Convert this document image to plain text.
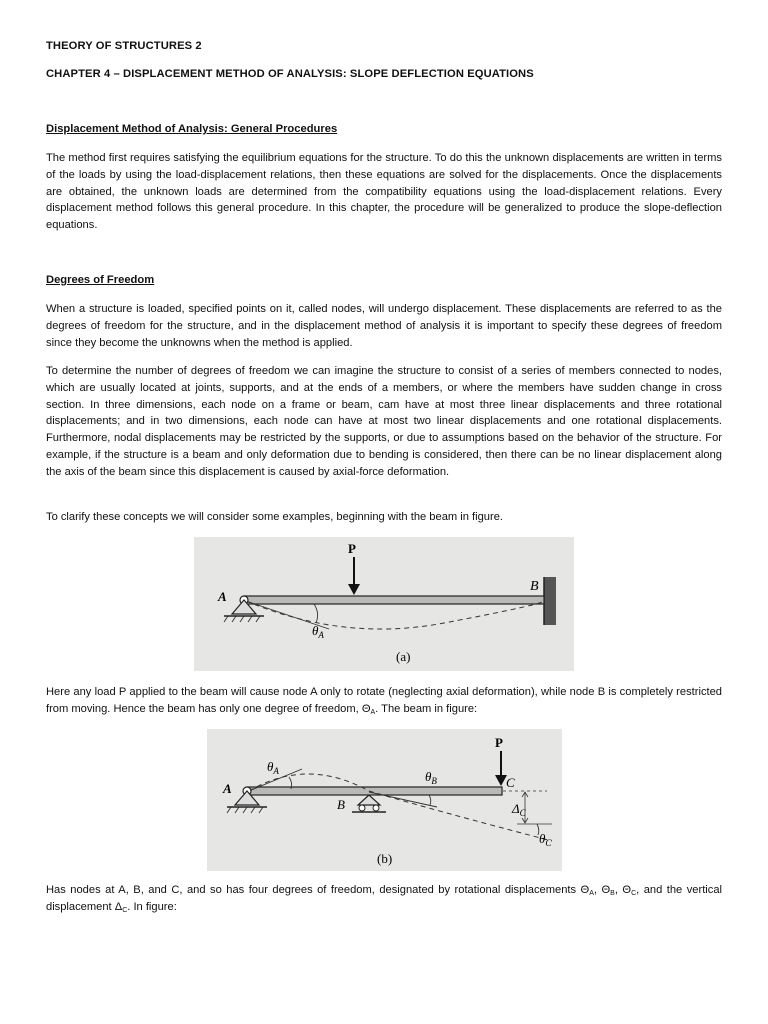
THEORY OF STRUCTURES 2

CHAPTER 4 – DISPLACEMENT METHOD OF ANALYSIS: SLOPE DEFLECTION EQUATIONS

Displacement Method of Analysis: General Procedures

The method first requires satisfying the equilibrium equations for the structure. To do this the unknown displacements are written in terms of the loads by using the load-displacement relations, then these equations are solved for the displacements. Once the displacements are obtained, the unknown loads are determined from the compatibility equations using the load-displacement relations. Every displacement method follows this general procedure. In this chapter, the procedure will be generalized to produce the slope-deflection equations.

Degrees of Freedom

When a structure is loaded, specified points on it, called nodes, will undergo displacement. These displacements are referred to as the degrees of freedom for the structure, and in the displacement method of analysis it is important to specify these degrees of freedom since they become the unknowns when the method is applied.

To determine the number of degrees of freedom we can imagine the structure to consist of a series of members connected to nodes, which are usually located at joints, supports, and at the ends of a members, or where the members have sudden change in cross section. In three dimensions, each node on a frame or beam, cam have at most three linear displacements and three rotational displacements; and in two dimensions, each node can have at most two linear displacements and one rotational displacements. Furthermore, nodal displacements may be restricted by the supports, or due to assumptions based on the behavior of the structure. For example, if the structure is a beam and only deformation due to bending is considered, then there can be no linear displacement along the axis of the beam since this displacement is caused by axial-force deformation.

To clarify these concepts we will consider some examples, beginning with the beam in figure.

P
A
B
$\theta_A$
(a)

Here any load P applied to the beam will cause node A only to rotate (neglecting axial deformation), while node B is completely restricted from moving. Hence the beam has only one degree of freedom, $\Theta_A$. The beam in figure:

P
A
B
C
$\theta_A$	$\theta_B$
$\Delta_C$
$\theta_C$
(b)

Has nodes at A, B, and C, and so has four degrees of freedom, designated by rotational displacements $\Theta_A$, $\Theta_B$, $\Theta_C$, and the vertical displacement $\Delta_C$. In figure:
